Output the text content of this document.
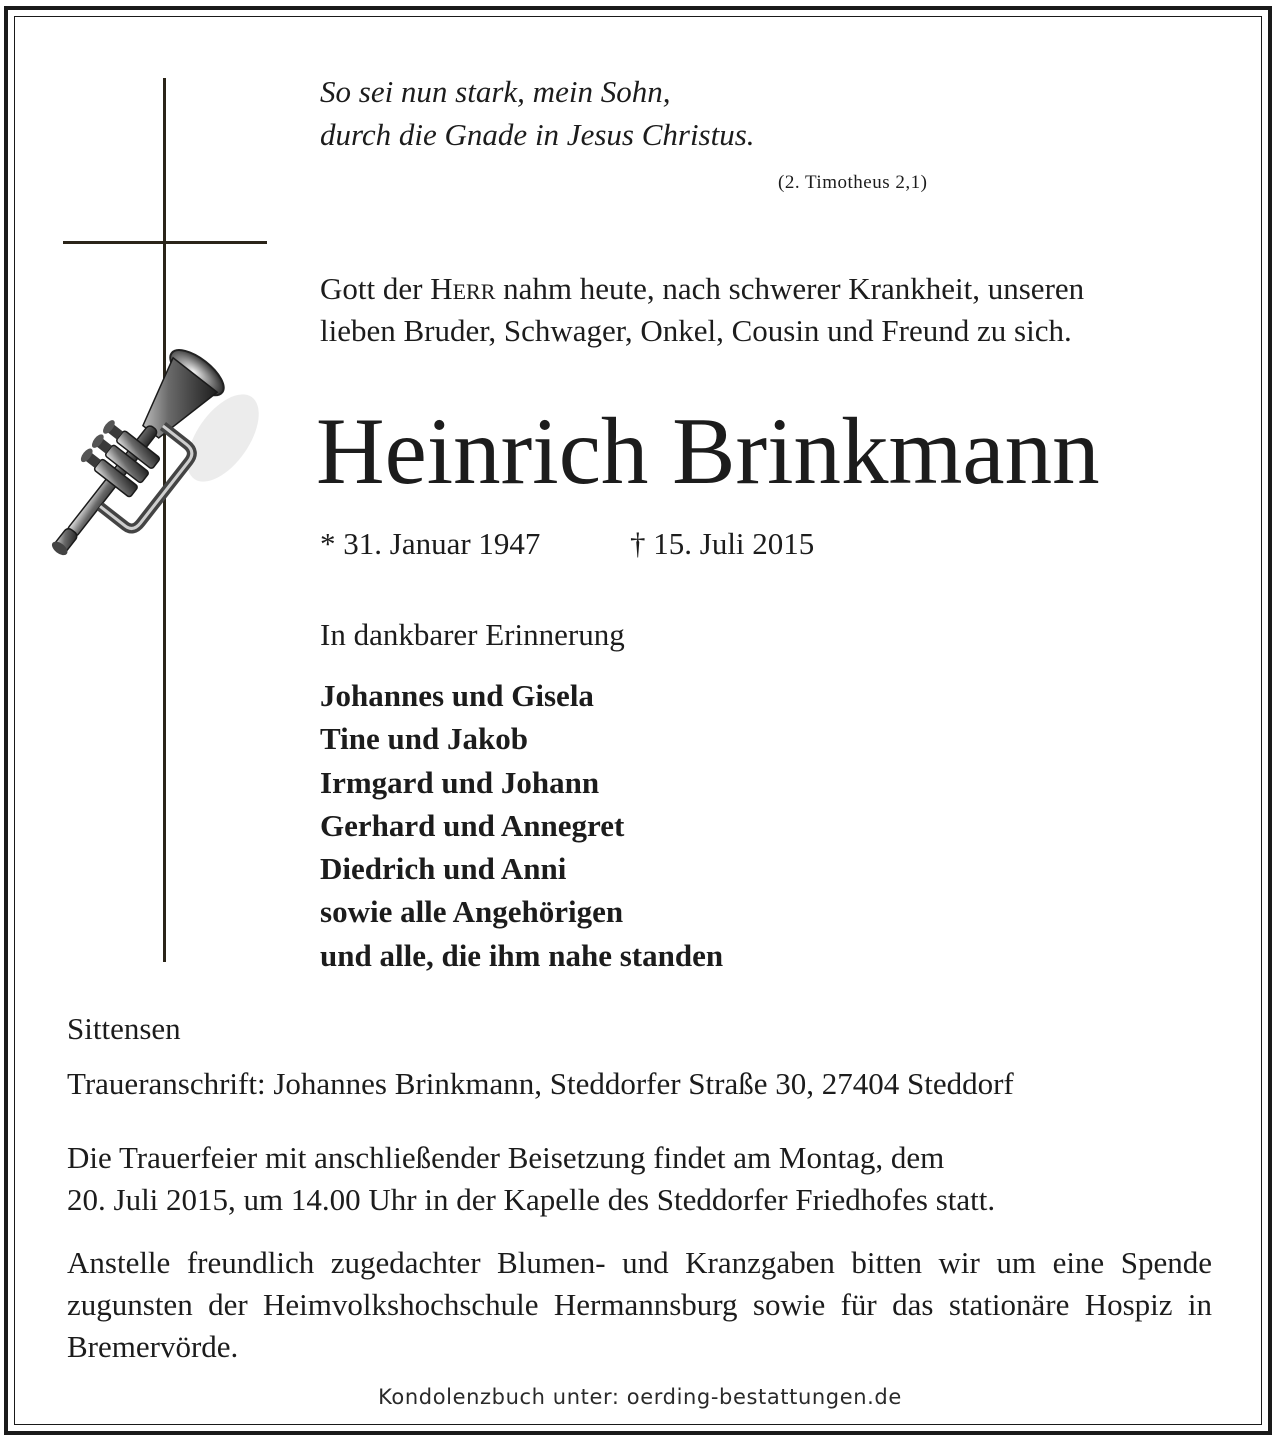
So sei nun stark, mein Sohn,
durch die Gnade in Jesus Christus.
(2. Timotheus 2,1)
Gott der Herr nahm heute, nach schwerer Krankheit, unseren
lieben Bruder, Schwager, Onkel, Cousin und Freund zu sich.
Heinrich Brinkmann
* 31. Januar 1947	† 15. Juli 2015
In dankbarer Erinnerung
Johannes und Gisela
Tine und Jakob
Irmgard und Johann
Gerhard und Annegret
Diedrich und Anni
sowie alle Angehörigen
und alle, die ihm nahe standen
Sittensen
Traueranschrift: Johannes Brinkmann, Steddorfer Straße 30, 27404 Steddorf
Die Trauerfeier mit anschließender Beisetzung findet am Montag, dem
20. Juli 2015, um 14.00 Uhr in der Kapelle des Steddorfer Friedhofes statt.
Anstelle freundlich zugedachter Blumen- und Kranzgaben bitten wir um eine Spende zugunsten der Heimvolkshochschule Hermannsburg sowie für das stationäre Hospiz in Bremervörde.
Kondolenzbuch unter: oerding-bestattungen.de
